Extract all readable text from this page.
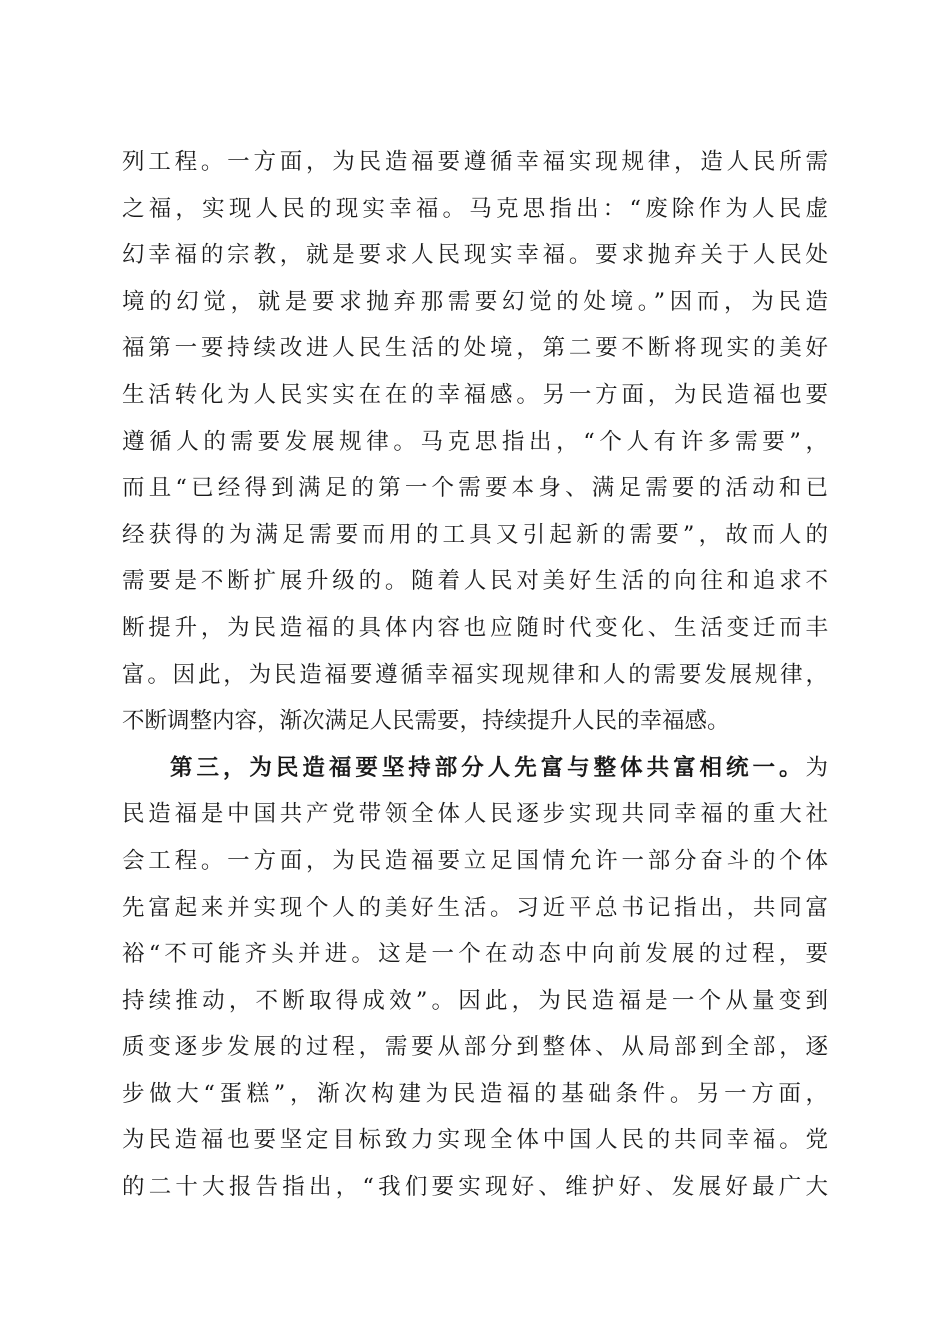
列工程。一方面，为民造福要遵循幸福实现规律，造人民所需
之福，实现人民的现实幸福。马克思指出：“废除作为人民虚
幻幸福的宗教，就是要求人民现实幸福。要求抛弃关于人民处
境的幻觉，就是要求抛弃那需要幻觉的处境。”因而，为民造
福第一要持续改进人民生活的处境，第二要不断将现实的美好
生活转化为人民实实在在的幸福感。另一方面，为民造福也要
遵循人的需要发展规律。马克思指出，“个人有许多需要”，
而且“已经得到满足的第一个需要本身、满足需要的活动和已
经获得的为满足需要而用的工具又引起新的需要”，故而人的
需要是不断扩展升级的。随着人民对美好生活的向往和追求不
断提升，为民造福的具体内容也应随时代变化、生活变迁而丰
富。因此，为民造福要遵循幸福实现规律和人的需要发展规律，
不断调整内容，渐次满足人民需要，持续提升人民的幸福感。
第三，为民造福要坚持部分人先富与整体共富相统一。为
民造福是中国共产党带领全体人民逐步实现共同幸福的重大社
会工程。一方面，为民造福要立足国情允许一部分奋斗的个体
先富起来并实现个人的美好生活。习近平总书记指出，共同富
裕“不可能齐头并进。这是一个在动态中向前发展的过程，要
持续推动，不断取得成效”。因此，为民造福是一个从量变到
质变逐步发展的过程，需要从部分到整体、从局部到全部，逐
步做大“蛋糕”，渐次构建为民造福的基础条件。另一方面，
为民造福也要坚定目标致力实现全体中国人民的共同幸福。党
的二十大报告指出，“我们要实现好、维护好、发展好最广大
